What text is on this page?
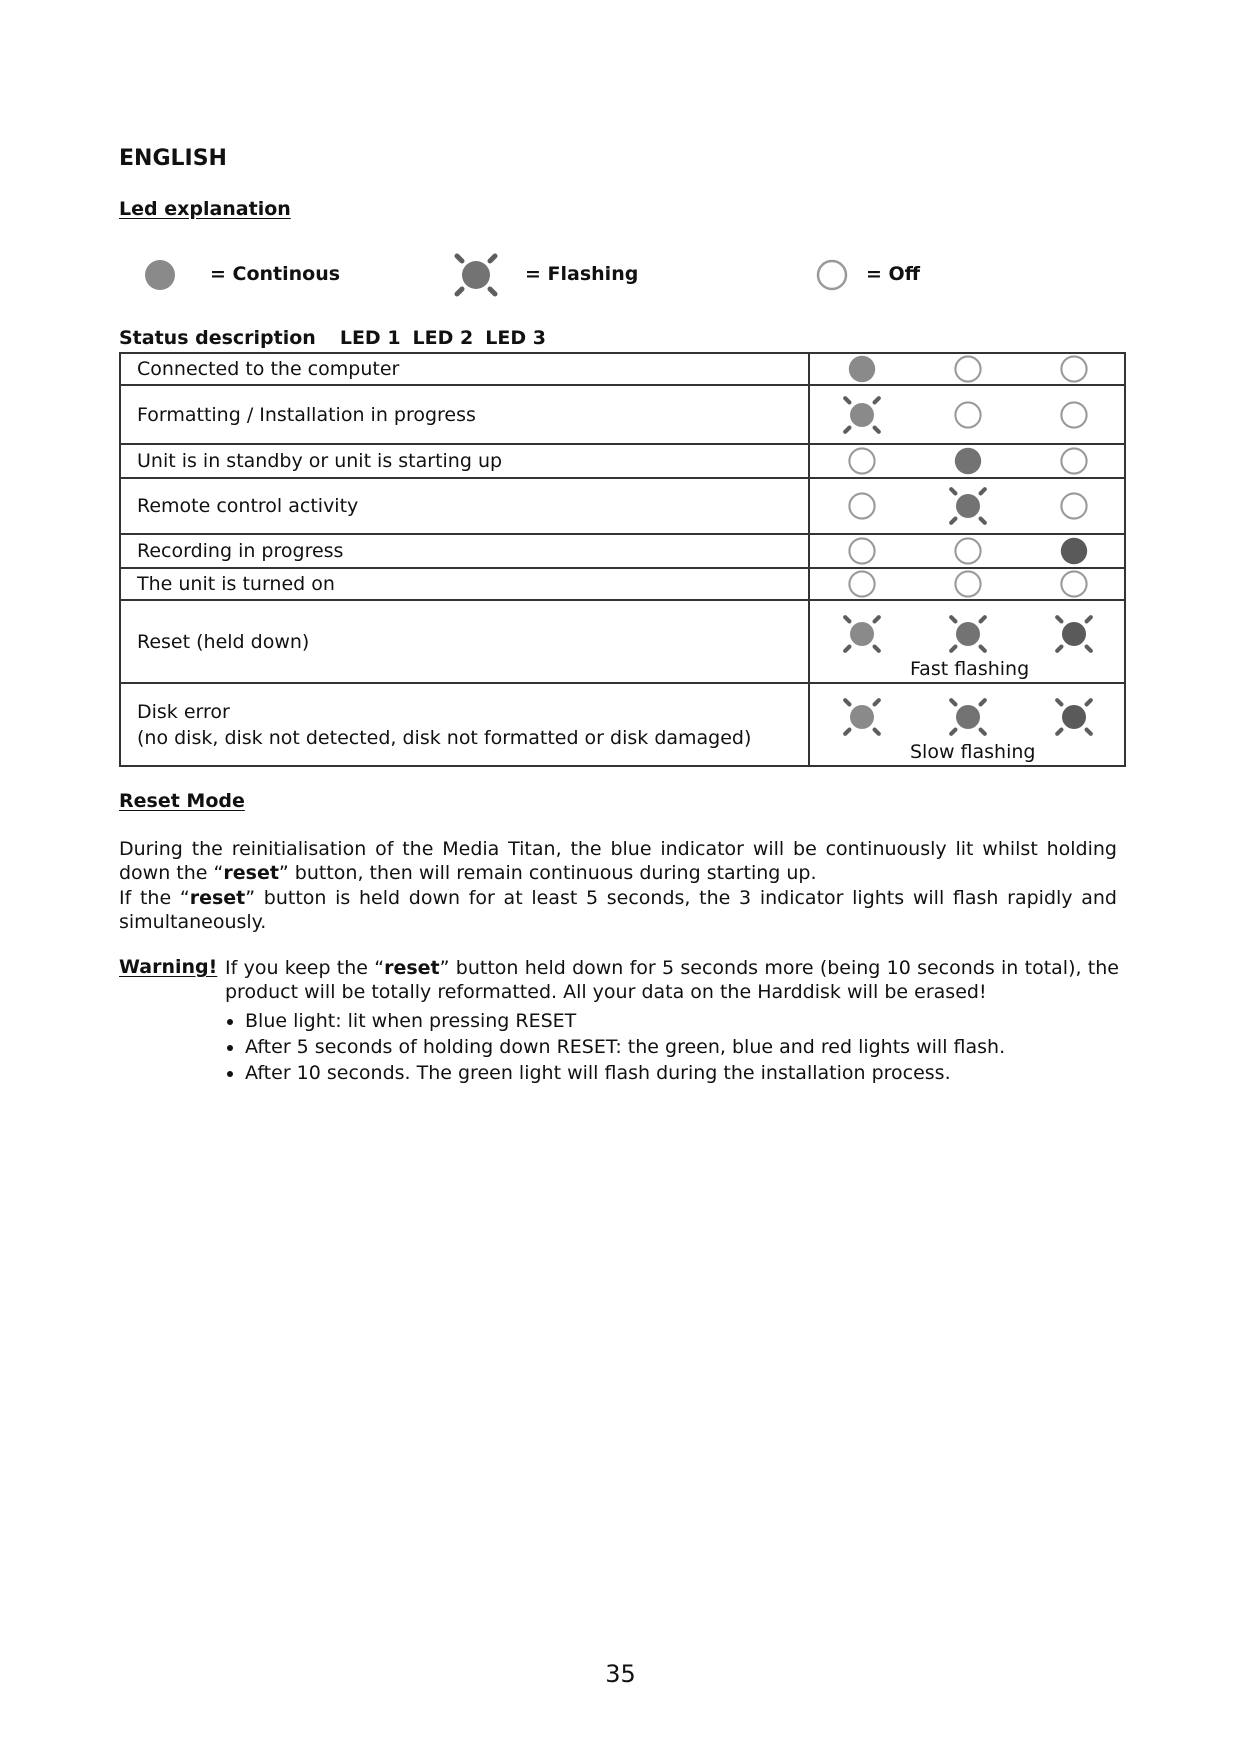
ENGLISH
Led explanation
= Continous	= Flashing	= Off
Status description LED 1 LED 2 LED 3
Connected to the computer	

Formatting / Installation in progress	

Unit is in standby or unit is starting up	

Remote control activity	

Recording in progress	

The unit is turned on	

Reset (held down)	Fast flashing

Disk error
(no disk, disk not detected, disk not formatted or disk damaged)	Slow flashing
Reset Mode
During the reinitialisation of the Media Titan, the blue indicator will be continuously lit whilst holding down the “reset” button, then will remain continuous during starting up.
If the “reset” button is held down for at least 5 seconds, the 3 indicator lights will flash rapidly and simultaneously.
Warning! If you keep the “reset” button held down for 5 seconds more (being 10 seconds in total), the product will be totally reformatted. All your data on the Harddisk will be erased!
• Blue light: lit when pressing RESET
• After 5 seconds of holding down RESET: the green, blue and red lights will flash.
• After 10 seconds. The green light will flash during the installation process.
35
